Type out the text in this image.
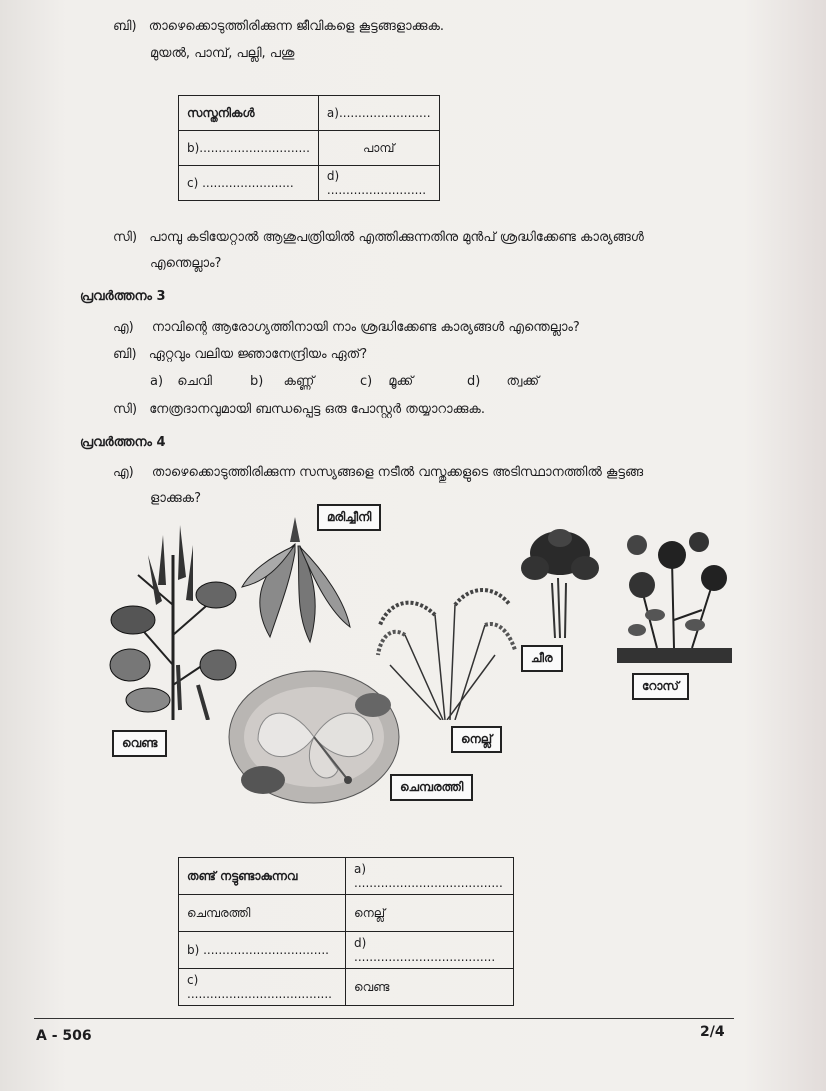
ബി) താഴെക്കൊടുത്തിരിക്കുന്ന ജീവികളെ കൂട്ടങ്ങളാക്കുക.
മുയൽ, പാമ്പ്, പല്ലി, പശു
സസ്തനികൾ	a)........................
b).............................	പാമ്പ്
c) ........................	d) ..........................
സി) പാമ്പു കടിയേറ്റാൽ ആശുപത്രിയിൽ എത്തിക്കുന്നതിനു മുൻപ് ശ്രദ്ധിക്കേണ്ട കാര്യങ്ങൾ
എന്തെല്ലാം?
പ്രവർത്തനം 3
എ) നാവിന്റെ ആരോഗ്യത്തിനായി നാം ശ്രദ്ധിക്കേണ്ട കാര്യങ്ങൾ എന്തെല്ലാം?
ബി) ഏറ്റവും വലിയ ജ്ഞാനേന്ദ്രിയം ഏത്?
a) ചെവി	b) കണ്ണ്	c) മൂക്ക്	d) ത്വക്ക്
സി) നേത്രദാനവുമായി ബന്ധപ്പെട്ട ഒരു പോസ്റ്റർ തയ്യാറാക്കുക.
പ്രവർത്തനം 4
എ) താഴെക്കൊടുത്തിരിക്കുന്ന സസ്യങ്ങളെ നടീൽ വസ്തുക്കളുടെ അടിസ്ഥാനത്തിൽ കൂട്ടങ്ങ
ളാക്കുക?
മരിച്ചീനി
ചീര
റോസ്
വെണ്ട	നെല്ല്
ചെമ്പരത്തി
തണ്ട് നട്ടുണ്ടാകുന്നവ	a) .......................................
ചെമ്പരത്തി	നെല്ല്
b) .................................	d) .....................................
c) ......................................	വെണ്ട
A - 506	2/4
